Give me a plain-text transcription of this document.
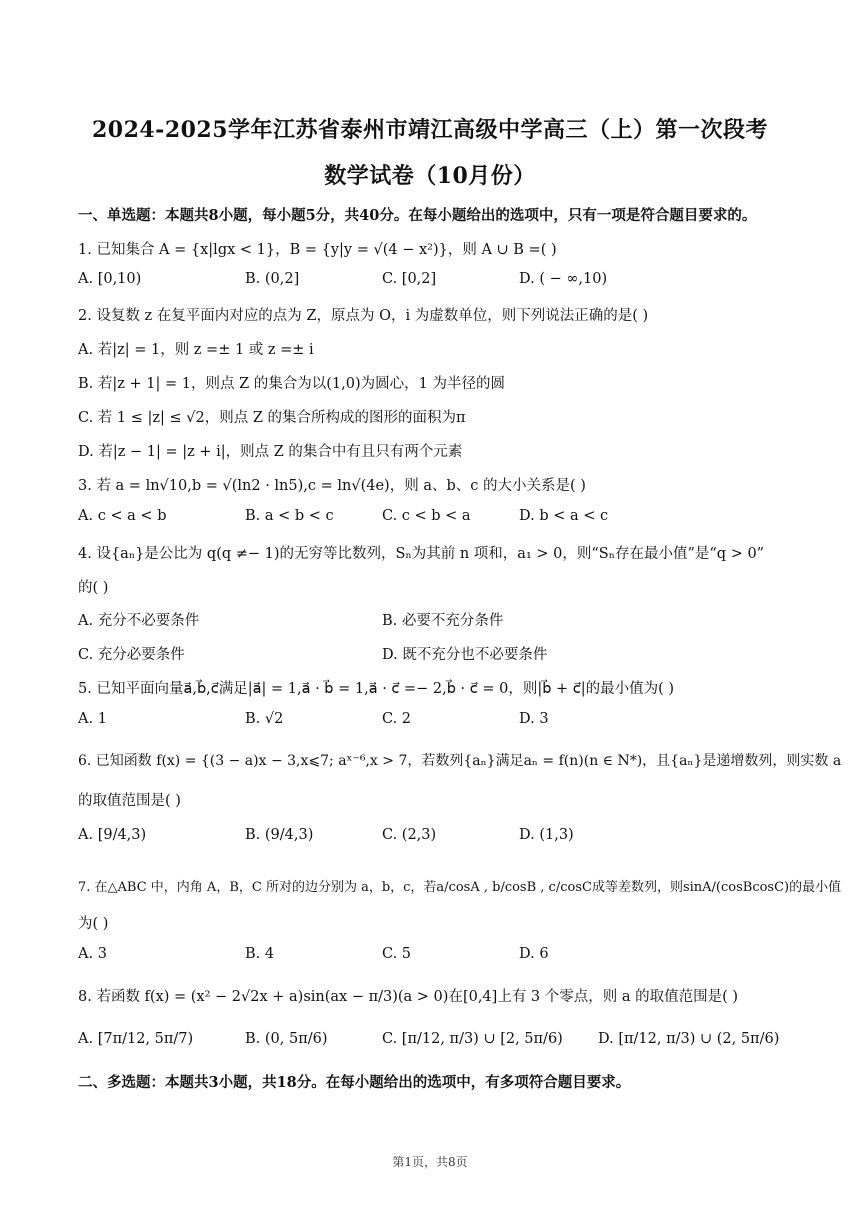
2024-2025学年江苏省泰州市靖江高级中学高三（上）第一次段考
数学试卷（10月份）
一、单选题：本题共8小题，每小题5分，共40分。在每小题给出的选项中，只有一项是符合题目要求的。
1. 已知集合 A = {x|lgx < 1}，B = {y|y = √(4 − x²)}，则 A ∪ B =( )
A. [0,10)	B. (0,2]	C. [0,2]	D. ( − ∞,10)
2. 设复数 z 在复平面内对应的点为 Z，原点为 O，i 为虚数单位，则下列说法正确的是( )
A. 若|z| = 1，则 z =± 1 或 z =± i
B. 若|z + 1| = 1，则点 Z 的集合为以(1,0)为圆心，1 为半径的圆
C. 若 1 ≤ |z| ≤ √2，则点 Z 的集合所构成的图形的面积为π
D. 若|z − 1| = |z + i|，则点 Z 的集合中有且只有两个元素
3. 若 a = ln√10,b = √(ln2 · ln5),c = ln√(4e)，则 a、b、c 的大小关系是( )
A. c < a < b	B. a < b < c	C. c < b < a	D. b < a < c
4. 设{aₙ}是公比为 q(q ≠− 1)的无穷等比数列，Sₙ为其前 n 项和，a₁ > 0，则“Sₙ存在最小值”是“q > 0”
的( )
A. 充分不必要条件	B. 必要不充分条件
C. 充分必要条件	D. 既不充分也不必要条件
5. 已知平面向量a⃗,b⃗,c⃗满足|a⃗| = 1,a⃗ · b⃗ = 1,a⃗ · c⃗ =− 2,b⃗ · c⃗ = 0，则|b⃗ + c⃗|的最小值为( )
A. 1	B. √2	C. 2	D. 3
6. 已知函数 f(x) = {(3 − a)x − 3,x⩽7; aˣ⁻⁶,x > 7，若数列{aₙ}满足aₙ = f(n)(n ∈ N*)，且{aₙ}是递增数列，则实数 a
的取值范围是( )
A. [9/4,3)	B. (9/4,3)	C. (2,3)	D. (1,3)
7. 在△ABC 中，内角 A，B，C 所对的边分别为 a，b，c，若a/cosA , b/cosB , c/cosC成等差数列，则sinA/(cosBcosC)的最小值
为( )
A. 3	B. 4	C. 5	D. 6
8. 若函数 f(x) = (x² − 2√2x + a)sin(ax − π/3)(a > 0)在[0,4]上有 3 个零点，则 a 的取值范围是( )
A. [7π/12, 5π/7)	B. (0, 5π/6)	C. [π/12, π/3) ∪ [2, 5π/6) D. [π/12, π/3) ∪ (2, 5π/6)
二、多选题：本题共3小题，共18分。在每小题给出的选项中，有多项符合题目要求。
第1页，共8页
